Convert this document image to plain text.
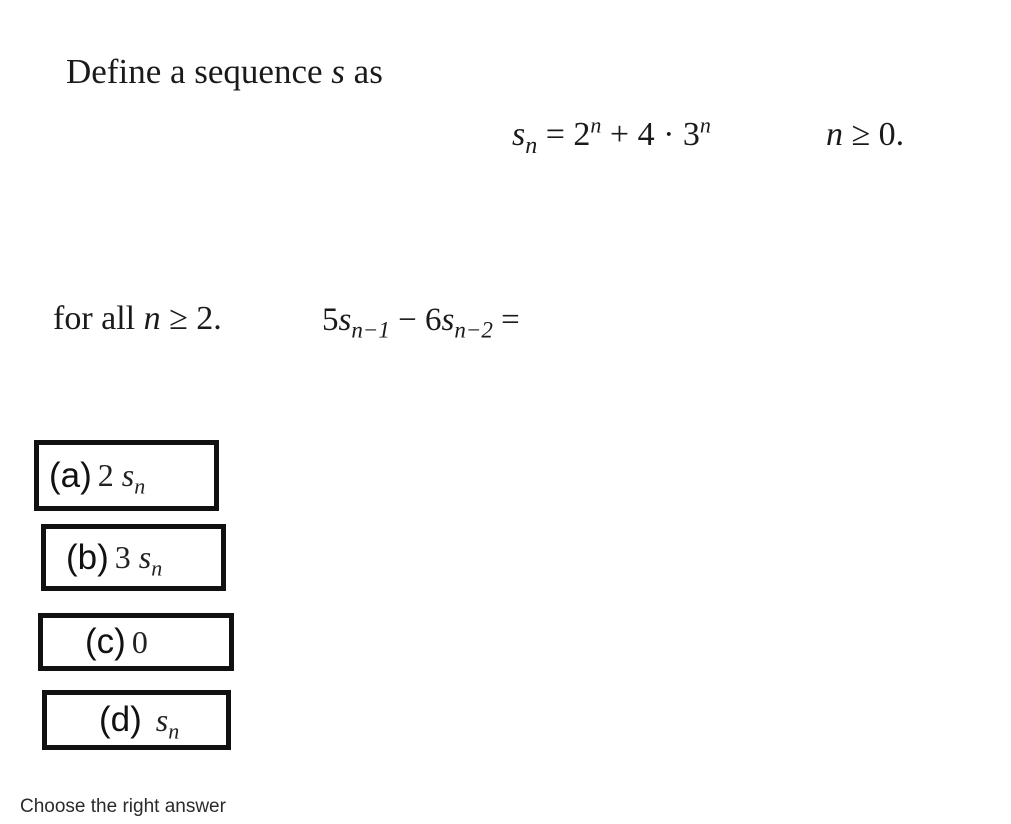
Define a sequence s as
$s_n = 2^n + 4 \cdot 3^n$	n ≥ 0.
for all n ≥ 2.	$5s_{n-1} - 6s_{n-2}$ =
(a) 2 $s_n$
(b) 3 $s_n$
(c) 0
(d) $s_n$
Choose the right answer
